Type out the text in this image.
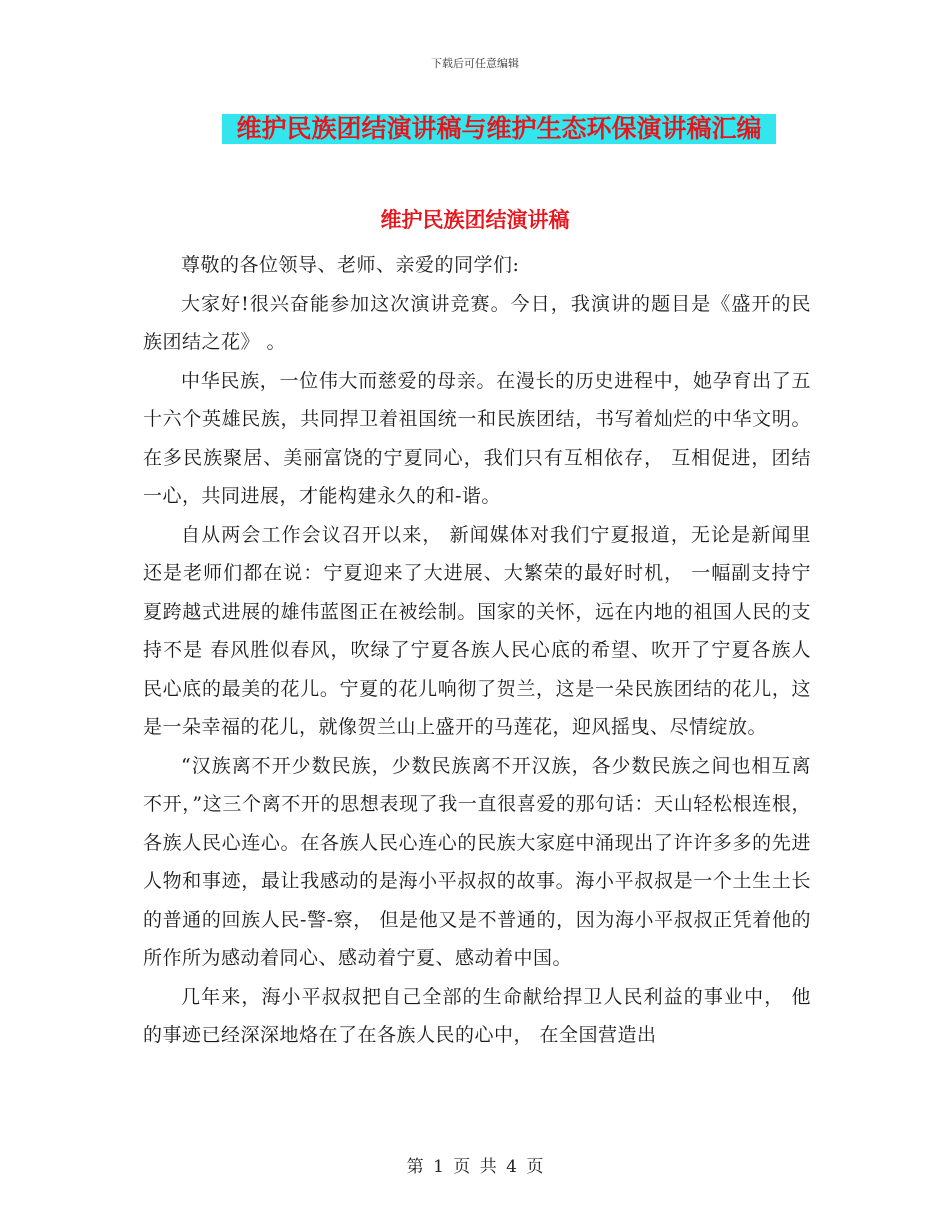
下载后可任意编辑
维护民族团结演讲稿与维护生态环保演讲稿汇编
维护民族团结演讲稿

尊敬的各位领导、老师、亲爱的同学们:

大家好!很兴奋能参加这次演讲竞赛。今日，我演讲的题目是《盛开的民族团结之花》 。

中华民族，一位伟大而慈爱的母亲。在漫长的历史进程中，她孕育出了五十六个英雄民族，共同捍卫着祖国统一和民族团结，书写着灿烂的中华文明。在多民族聚居、美丽富饶的宁夏同心，我们只有互相依存， 互相促进，团结一心，共同进展，才能构建永久的和-谐。

自从两会工作会议召开以来， 新闻媒体对我们宁夏报道，无论是新闻里还是老师们都在说：宁夏迎来了大进展、大繁荣的最好时机， 一幅副支持宁夏跨越式进展的雄伟蓝图正在被绘制。国家的关怀，远在内地的祖国人民的支持不是 春风胜似春风，吹绿了宁夏各族人民心底的希望、吹开了宁夏各族人 民心底的最美的花儿。宁夏的花儿响彻了贺兰，这是一朵民族团结的花儿，这是一朵幸福的花儿，就像贺兰山上盛开的马莲花，迎风摇曳、尽情绽放。

“汉族离不开少数民族，少数民族离不开汉族，各少数民族之间也相互离不开，”这三个离不开的思想表现了我一直很喜爱的那句话：天山轻松根连根，各族人民心连心。在各族人民心连心的民族大家庭中涌现出了许许多多的先进人物和事迹，最让我感动的是海小平叔叔的故事。海小平叔叔是一个土生土长的普通的回族人民-警-察， 但是他又是不普通的，因为海小平叔叔正凭着他的所作所为感动着同心、感动着宁夏、感动着中国。

几年来，海小平叔叔把自己全部的生命献给捍卫人民利益的事业中， 他的事迹已经深深地烙在了在各族人民的心中， 在全国营造出

第 1 页 共 4 页
